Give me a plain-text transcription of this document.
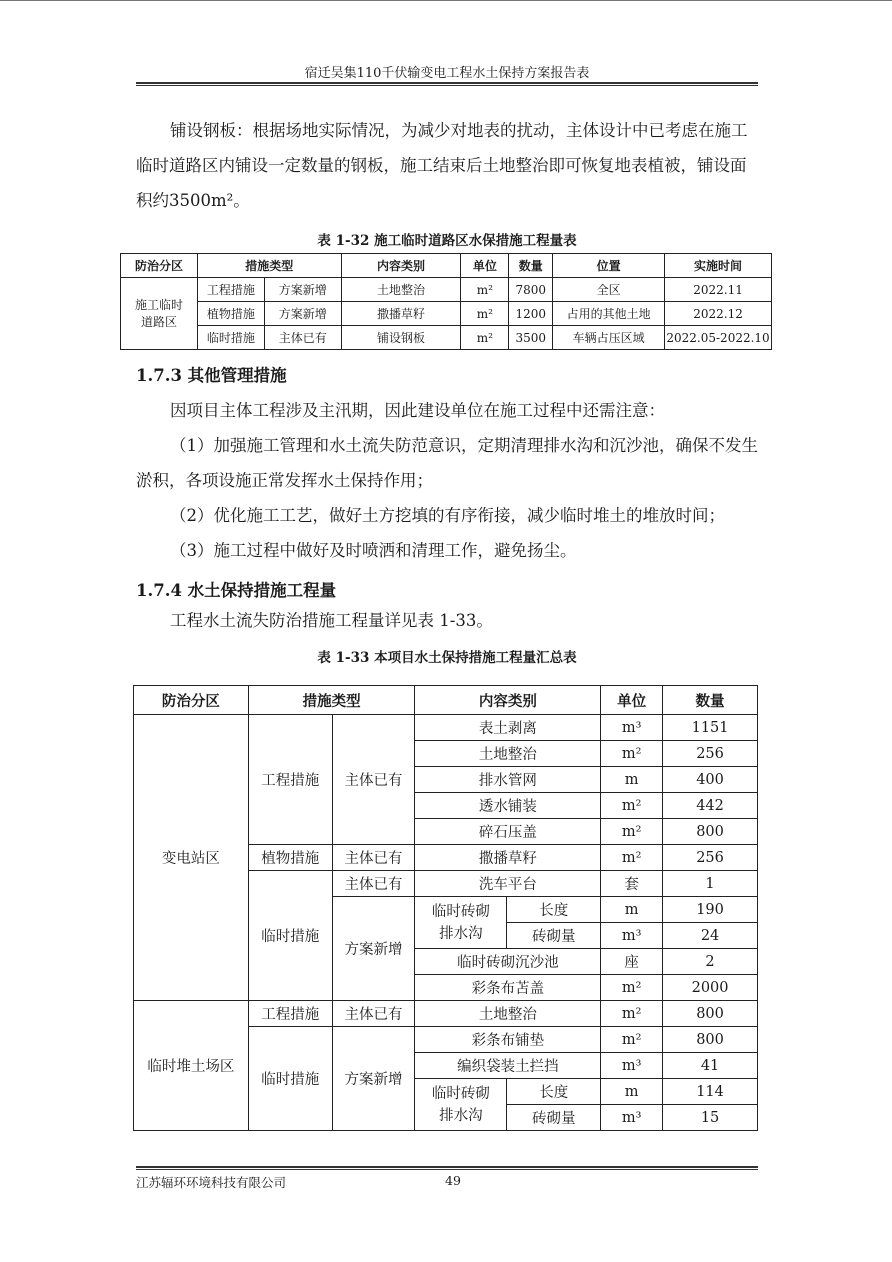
宿迁吴集110千伏输变电工程水土保持方案报告表

铺设钢板：根据场地实际情况，为减少对地表的扰动，主体设计中已考虑在施工临时道路区内铺设一定数量的钢板，施工结束后土地整治即可恢复地表植被，铺设面积约3500m²。

表 1-32 施工临时道路区水保措施工程量表
防治分区	措施类型		内容类别	单位	数量	位置	实施时间
施工临时道路区	工程措施	方案新增	土地整治	m²	7800	全区	2022.11
	植物措施	方案新增	撒播草籽	m²	1200	占用的其他土地	2022.12
	临时措施	主体已有	铺设钢板	m²	3500	车辆占压区域	2022.05-2022.10
1.7.3 其他管理措施

因项目主体工程涉及主汛期，因此建设单位在施工过程中还需注意：

（1）加强施工管理和水土流失防范意识，定期清理排水沟和沉沙池，确保不发生淤积，各项设施正常发挥水土保持作用；

（2）优化施工工艺，做好土方挖填的有序衔接，减少临时堆土的堆放时间；

（3）施工过程中做好及时喷洒和清理工作，避免扬尘。

1.7.4 水土保持措施工程量

工程水土流失防治措施工程量详见表 1-33。

表 1-33 本项目水土保持措施工程量汇总表
防治分区	措施类型		内容类别		单位	数量
变电站区	工程措施	主体已有	表土剥离		m³	1151
			土地整治		m²	256
			排水管网		m	400
			透水铺装		m²	442
			碎石压盖		m²	800
	植物措施	主体已有	撒播草籽		m²	256
	临时措施	主体已有	洗车平台		套	1
		方案新增	临时砖砌排水沟	长度	m	190
				砖砌量	m³	24
			临时砖砌沉沙池		座	2
			彩条布苫盖		m²	2000
临时堆土场区	工程措施	主体已有	土地整治		m²	800
	临时措施	方案新增	彩条布铺垫		m²	800
			编织袋装土拦挡		m³	41
			临时砖砌排水沟	长度	m	114
				砖砌量	m³	15
江苏辐环环境科技有限公司	49
